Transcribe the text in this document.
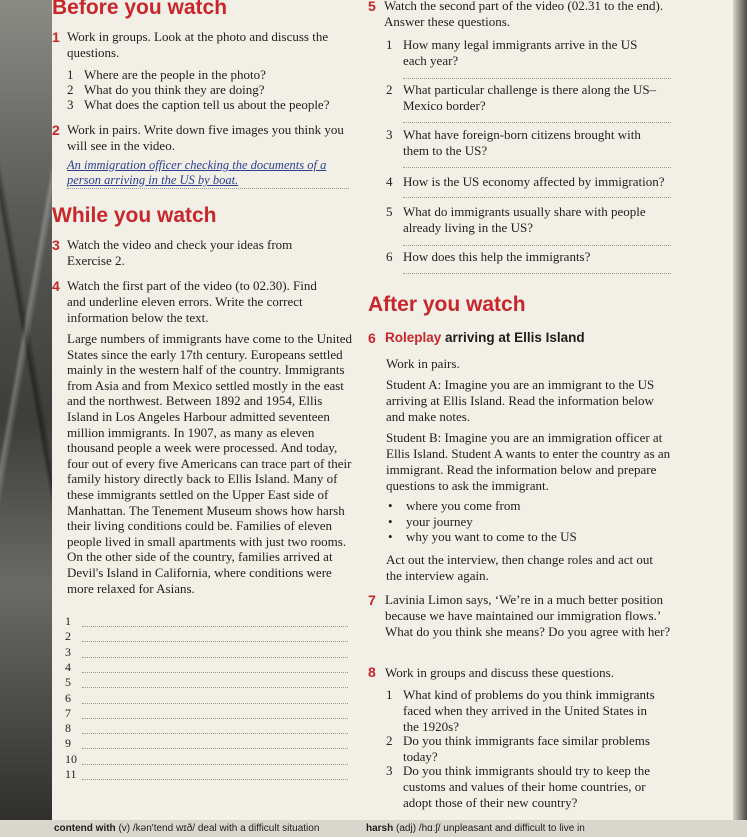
Before you watch
1 Work in groups. Look at the photo and discuss the questions.
1 Where are the people in the photo?
2 What do you think they are doing?
3 What does the caption tell us about the people?
2 Work in pairs. Write down five images you think you will see in the video.
An immigration officer checking the documents of a
person arriving in the US by boat.
While you watch
3 Watch the video and check your ideas from Exercise 2.
4 Watch the first part of the video (to 02.30). Find and underline eleven errors. Write the correct information below the text.
Large numbers of immigrants have come to the United States since the early 17th century. Europeans settled mainly in the western half of the country. Immigrants from Asia and from Mexico settled mostly in the east and the northwest. Between 1892 and 1954, Ellis Island in Los Angeles Harbour admitted seventeen million immigrants. In 1907, as many as eleven thousand people a week were processed. And today, four out of every five Americans can trace part of their family history directly back to Ellis Island. Many of these immigrants settled on the Upper East side of Manhattan. The Tenement Museum shows how harsh their living conditions could be. Families of eleven people lived in small apartments with just two rooms. On the other side of the country, families arrived at Devil's Island in California, where conditions were more relaxed for Asians.
1
2
3
4
5
6
7
8
9
10
11
5 Watch the second part of the video (02.31 to the end). Answer these questions.
1 How many legal immigrants arrive in the US each year?
2 What particular challenge is there along the US–Mexico border?
3 What have foreign-born citizens brought with them to the US?
4 How is the US economy affected by immigration?
5 What do immigrants usually share with people already living in the US?
6 How does this help the immigrants?
After you watch
6 Roleplay arriving at Ellis Island
Work in pairs.
Student A: Imagine you are an immigrant to the US arriving at Ellis Island. Read the information below and make notes.
Student B: Imagine you are an immigration officer at Ellis Island. Student A wants to enter the country as an immigrant. Read the information below and prepare questions to ask the immigrant.
• where you come from
• your journey
• why you want to come to the US
Act out the interview, then change roles and act out the interview again.
7 Lavinia Limon says, ‘We’re in a much better position because we have maintained our immigration flows.’ What do you think she means? Do you agree with her?
8 Work in groups and discuss these questions.
1 What kind of problems do you think immigrants faced when they arrived in the United States in the 1920s?
2 Do you think immigrants face similar problems today?
3 Do you think immigrants should try to keep the customs and values of their home countries, or adopt those of their new country?
contend with (v) /kən'tend wɪð/ deal with a difficult situation	harsh (adj) /hɑːʃ/ unpleasant and difficult to live in
